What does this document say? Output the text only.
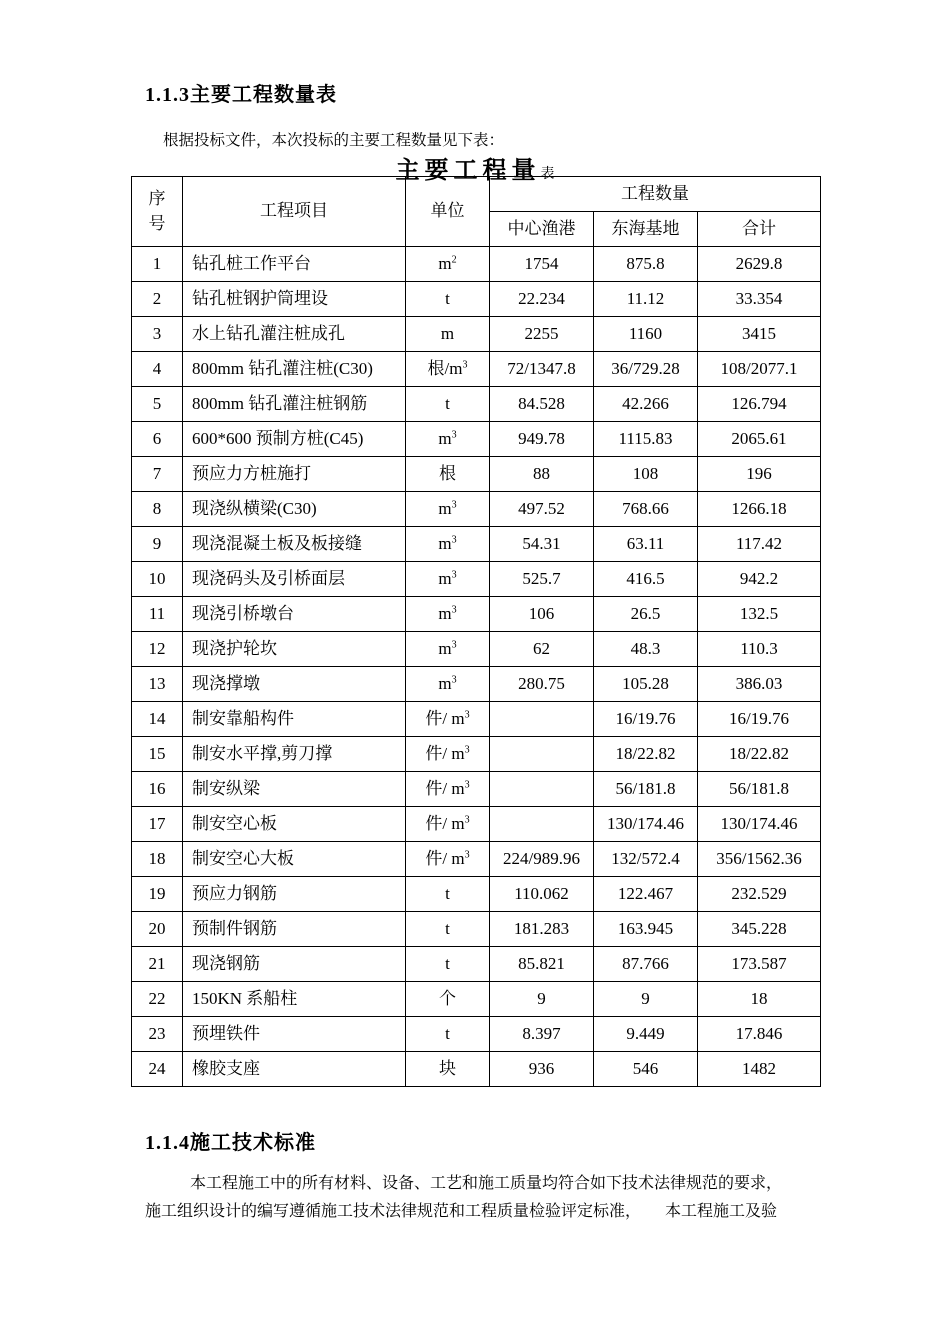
1.1.3主要工程数量表
根据投标文件，本次投标的主要工程数量见下表：
主要工程量表
序号	工程项目	单位	工程数量		
			中心渔港	东海基地	合计
1	钻孔桩工作平台	$m^2$	1754	875.8	2629.8
2	钻孔桩钢护筒埋设	t	22.234	11.12	33.354
3	水上钻孔灌注桩成孔	m	2255	1160	3415
4	800mm 钻孔灌注桩(C30)	根$/m^3$	72/1347.8	36/729.28	108/2077.1
5	800mm 钻孔灌注桩钢筋	t	84.528	42.266	126.794
6	600*600 预制方桩(C45)	$m^3$	949.78	1115.83	2065.61
7	预应力方桩施打	根	88	108	196
8	现浇纵横梁(C30)	$m^3$	497.52	768.66	1266.18
9	现浇混凝土板及板接缝	$m^3$	54.31	63.11	117.42
10	现浇码头及引桥面层	$m^3$	525.7	416.5	942.2
11	现浇引桥墩台	$m^3$	106	26.5	132.5
12	现浇护轮坎	$m^3$	62	48.3	110.3
13	现浇撑墩	$m^3$	280.75	105.28	386.03
14	制安靠船构件	件/ $m^3$		16/19.76	16/19.76
15	制安水平撑,剪刀撑	件/ $m^3$		18/22.82	18/22.82
16	制安纵梁	件/ $m^3$		56/181.8	56/181.8
17	制安空心板	件/ $m^3$		130/174.46	130/174.46
18	制安空心大板	件/ $m^3$	224/989.96	132/572.4	356/1562.36
19	预应力钢筋	t	110.062	122.467	232.529
20	预制件钢筋	t	181.283	163.945	345.228
21	现浇钢筋	t	85.821	87.766	173.587
22	150KN 系船柱	个	9	9	18
23	预埋铁件	t	8.397	9.449	17.846
24	橡胶支座	块	936	546	1482
1.1.4施工技术标准

本工程施工中的所有材料、设备、工艺和施工质量均符合如下技术法律规范的要求，

施工组织设计的编写遵循施工技术法律规范和工程质量检验评定标准，　　本工程施工及验
